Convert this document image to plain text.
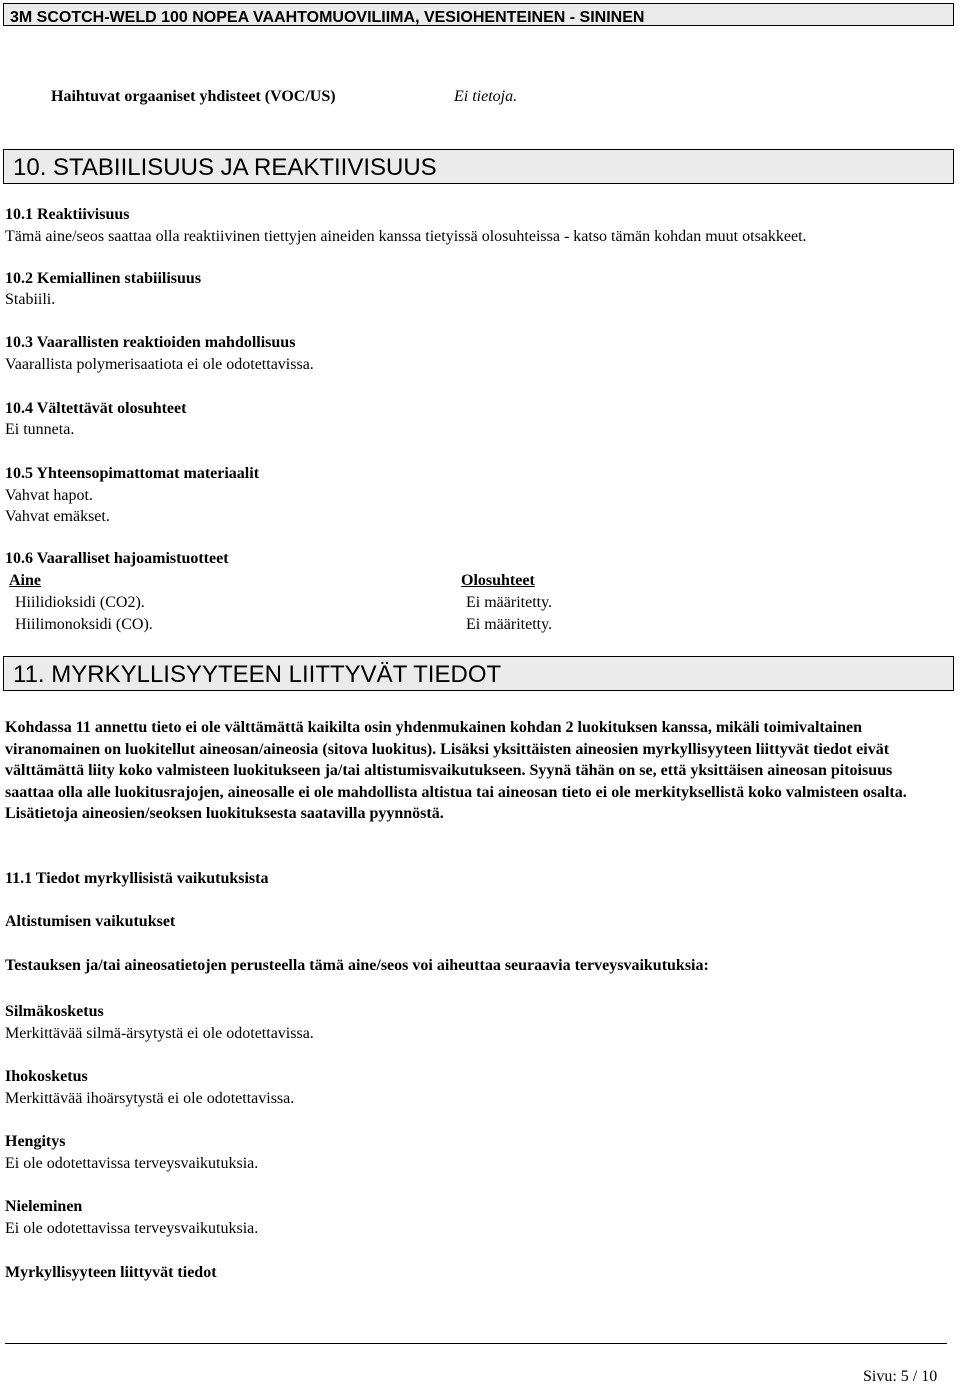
3M SCOTCH-WELD 100 NOPEA VAAHTOMUOVILIIMA, VESIOHENTEINEN - SININEN
Haihtuvat orgaaniset yhdisteet (VOC/US)	Ei tietoja.
10. STABIILISUUS JA REAKTIIVISUUS
10.1 Reaktiivisuus
Tämä aine/seos saattaa olla reaktiivinen tiettyjen aineiden kanssa tietyissä olosuhteissa - katso tämän kohdan muut otsakkeet.
10.2 Kemiallinen stabiilisuus
Stabiili.
10.3 Vaarallisten reaktioiden mahdollisuus
Vaarallista polymerisaatiota ei ole odotettavissa.
10.4 Vältettävät olosuhteet
Ei tunneta.
10.5 Yhteensopimattomat materiaalit
Vahvat hapot.
Vahvat emäkset.
10.6 Vaaralliset hajoamistuotteet
Aine	Olosuhteet
Hiilidioksidi (CO2).	Ei määritetty.
Hiilimonoksidi (CO).	Ei määritetty.
11. MYRKYLLISYYTEEN LIITTYVÄT TIEDOT
Kohdassa 11 annettu tieto ei ole välttämättä kaikilta osin yhdenmukainen kohdan 2 luokituksen kanssa, mikäli toimivaltainen viranomainen on luokitellut aineosan/aineosia (sitova luokitus). Lisäksi yksittäisten aineosien myrkyllisyyteen liittyvät tiedot eivät välttämättä liity koko valmisteen luokitukseen ja/tai altistumisvaikutukseen. Syynä tähän on se, että yksittäisen aineosan pitoisuus saattaa olla alle luokitusrajojen, aineosalle ei ole mahdollista altistua tai aineosan tieto ei ole merkityksellistä koko valmisteen osalta. Lisätietoja aineosien/seoksen luokituksesta saatavilla pyynnöstä.
11.1 Tiedot myrkyllisistä vaikutuksista
Altistumisen vaikutukset
Testauksen ja/tai aineosatietojen perusteella tämä aine/seos voi aiheuttaa seuraavia terveysvaikutuksia:
Silmäkosketus
Merkittävää silmä-ärsytystä ei ole odotettavissa.
Ihokosketus
Merkittävää ihoärsytystä ei ole odotettavissa.
Hengitys
Ei ole odotettavissa terveysvaikutuksia.
Nieleminen
Ei ole odotettavissa terveysvaikutuksia.
Myrkyllisyyteen liittyvät tiedot
Sivu: 5 / 10
